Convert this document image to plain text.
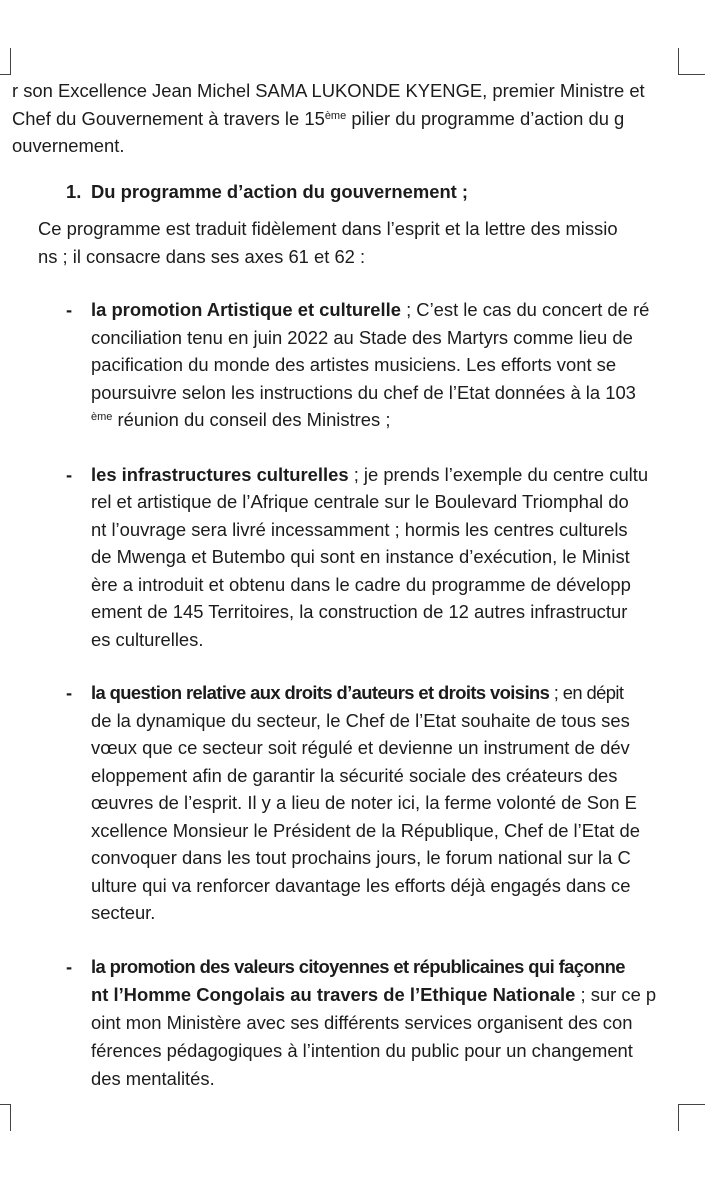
r son Excellence Jean Michel SAMA LUKONDE KYENGE, premier Ministre et
Chef du Gouvernement à travers le 15ème pilier du programme d’action du g
ouvernement.
1. Du programme d’action du gouvernement ;
Ce programme est traduit fidèlement dans l’esprit et la lettre des missio
ns ; il consacre dans ses axes 61 et 62 :
- la promotion Artistique et culturelle ; C’est le cas du concert de ré
conciliation tenu en juin 2022 au Stade des Martyrs comme lieu de
pacification du monde des artistes musiciens. Les efforts vont se
poursuivre selon les instructions du chef de l’Etat données à la 103
$^{ème}$ réunion du conseil des Ministres ;
- les infrastructures culturelles ; je prends l’exemple du centre cultu
rel et artistique de l’Afrique centrale sur le Boulevard Triomphal do
nt l’ouvrage sera livré incessamment ; hormis les centres culturels
de Mwenga et Butembo qui sont en instance d’exécution, le Minist
ère a introduit et obtenu dans le cadre du programme de développ
ement de 145 Territoires, la construction de 12 autres infrastructur
es culturelles.
- la question relative aux droits d’auteurs et droits voisins ; en dépit
de la dynamique du secteur, le Chef de l’Etat souhaite de tous ses
vœux que ce secteur soit régulé et devienne un instrument de dév
eloppement afin de garantir la sécurité sociale des créateurs des
œuvres de l’esprit. Il y a lieu de noter ici, la ferme volonté de Son E
xcellence Monsieur le Président de la République, Chef de l’Etat de
convoquer dans les tout prochains jours, le forum national sur la C
ulture qui va renforcer davantage les efforts déjà engagés dans ce
secteur.
- la promotion des valeurs citoyennes et républicaines qui façonne
nt l’Homme Congolais au travers de l’Ethique Nationale ; sur ce p
oint mon Ministère avec ses différents services organisent des con
férences pédagogiques à l’intention du public pour un changement
des mentalités.
